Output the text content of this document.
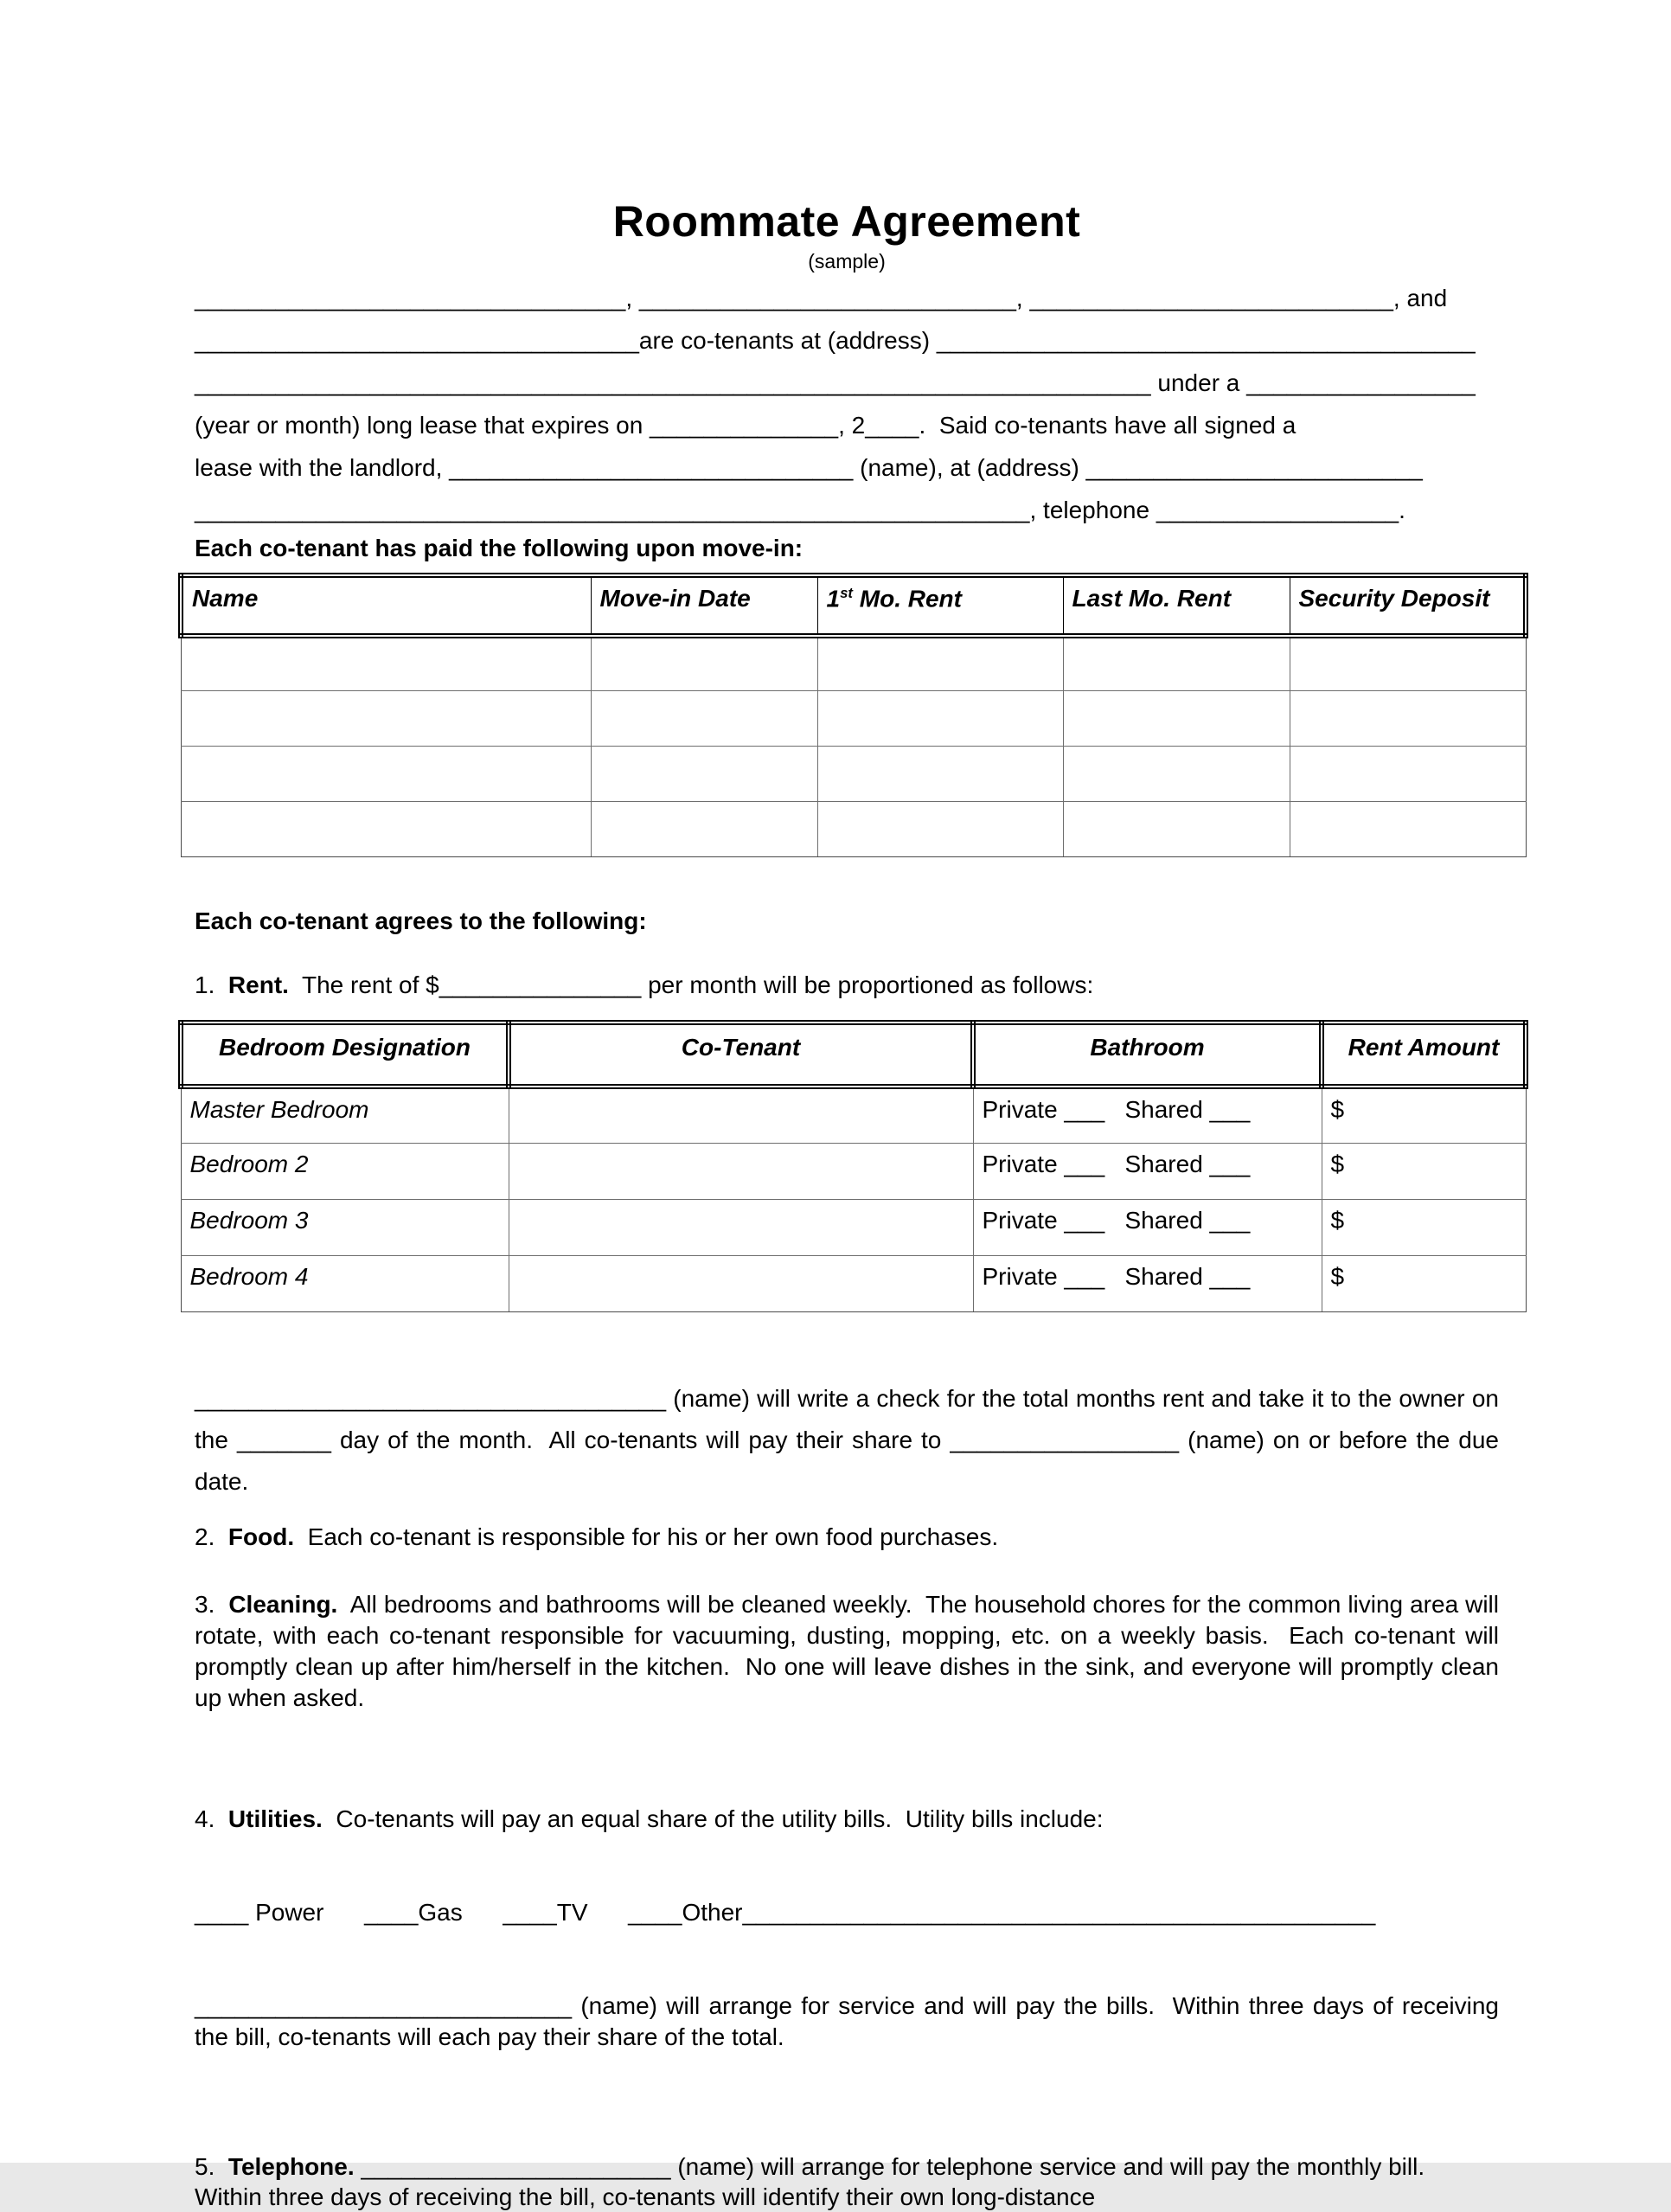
Roommate Agreement
(sample)
________________________________, ____________________________, ___________________________, and
_________________________________are co-tenants at (address) ________________________________________
_______________________________________________________________________ under a _________________
(year or month) long lease that expires on ______________, 2____.  Said co-tenants have all signed a
lease with the landlord, ______________________________ (name), at (address) _________________________
______________________________________________________________, telephone __________________.
Each co-tenant has paid the following upon move-in:
Name	Move-in Date	1st Mo. Rent	Last Mo. Rent	Security Deposit

Each co-tenant agrees to the following:
1. Rent.  The rent of $_______________ per month will be proportioned as follows:
Bedroom Designation	Co-Tenant	Bathroom	Rent Amount
Master Bedroom		Private ___   Shared ___	$
Bedroom 2		Private ___   Shared ___	$
Bedroom 3		Private ___   Shared ___	$
Bedroom 4		Private ___   Shared ___	$
___________________________________ (name) will write a check for the total months rent and take it to the owner on the _______ day of the month.  All co-tenants will pay their share to _________________ (name) on or before the due date.
2. Food.  Each co-tenant is responsible for his or her own food purchases.
3. Cleaning.  All bedrooms and bathrooms will be cleaned weekly.  The household chores for the common living area will rotate, with each co-tenant responsible for vacuuming, dusting, mopping, etc. on a weekly basis.  Each co-tenant will promptly clean up after him/herself in the kitchen.  No one will leave dishes in the sink, and everyone will promptly clean up when asked.

4. Utilities.  Co-tenants will pay an equal share of the utility bills.  Utility bills include:

____ Power      ____Gas      ____TV      ____Other_______________________________________________

____________________________ (name) will arrange for service and will pay the bills.  Within three days of receiving the bill, co-tenants will each pay their share of the total.

5. Telephone. _______________________ (name) will arrange for telephone service and will pay the monthly bill.  Within three days of receiving the bill, co-tenants will identify their own long-distance
